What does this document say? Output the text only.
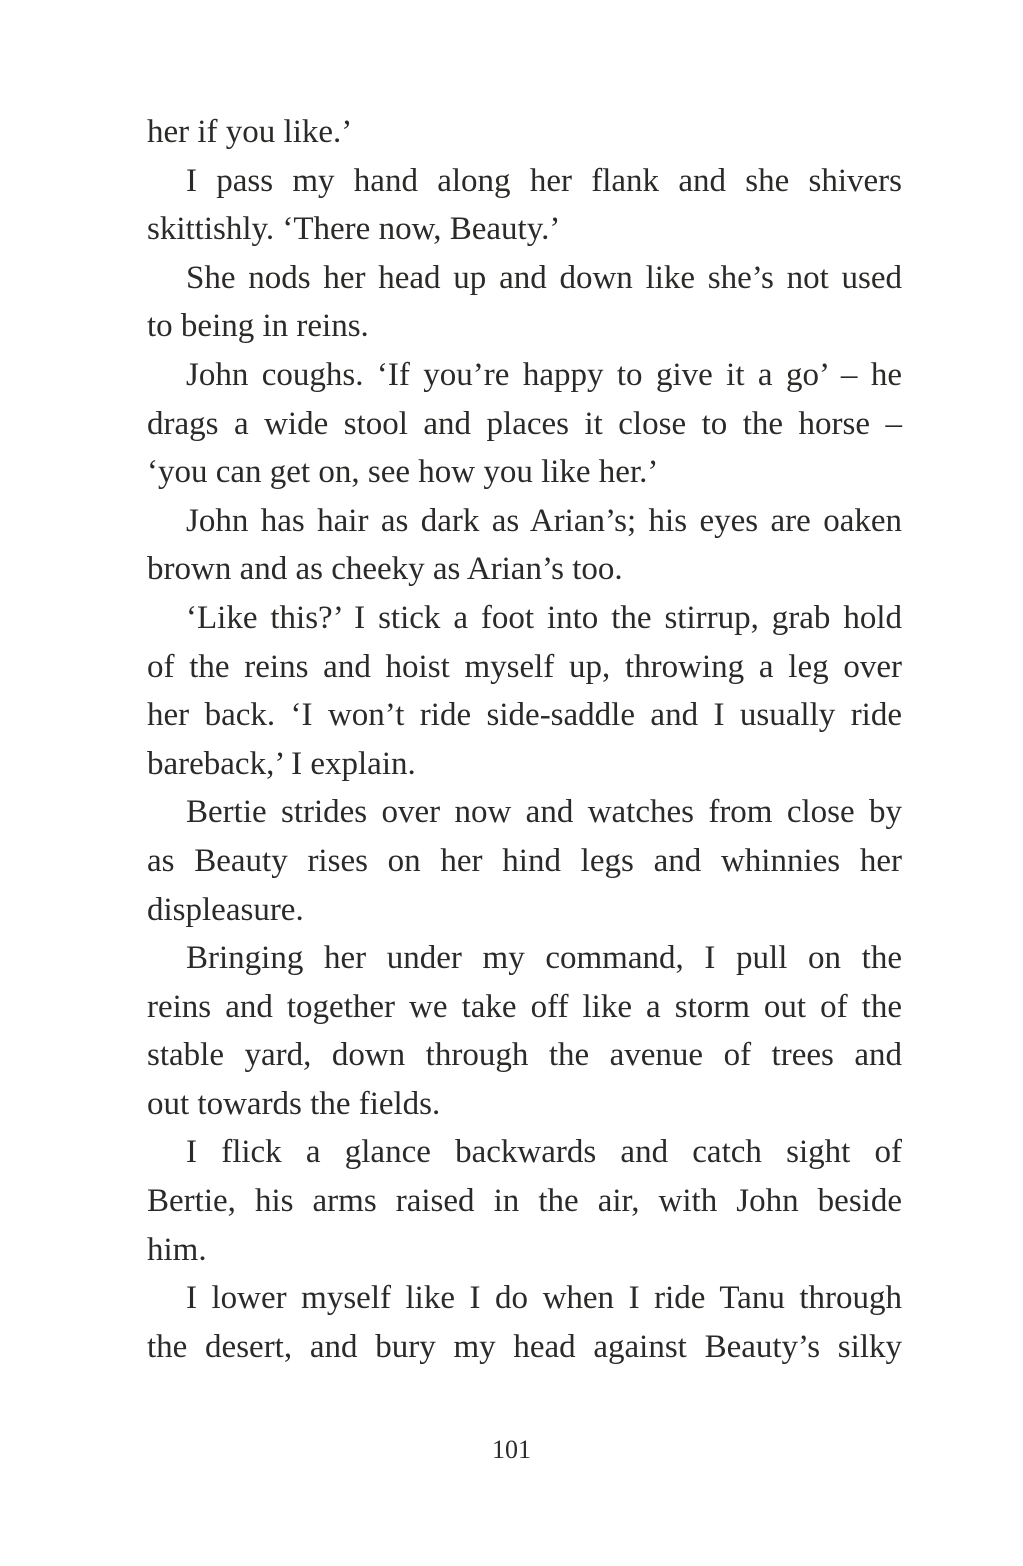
her if you like.’
I pass my hand along her flank and she shivers
skittishly. ‘There now, Beauty.’
She nods her head up and down like she’s not used
to being in reins.
John coughs. ‘If you’re happy to give it a go’ – he
drags a wide stool and places it close to the horse –
‘you can get on, see how you like her.’
John has hair as dark as Arian’s; his eyes are oaken
brown and as cheeky as Arian’s too.
‘Like this?’ I stick a foot into the stirrup, grab hold
of the reins and hoist myself up, throwing a leg over
her back. ‘I won’t ride side-saddle and I usually ride
bareback,’ I explain.
Bertie strides over now and watches from close by
as Beauty rises on her hind legs and whinnies her
displeasure.
Bringing her under my command, I pull on the
reins and together we take off like a storm out of the
stable yard, down through the avenue of trees and
out towards the fields.
I flick a glance backwards and catch sight of
Bertie, his arms raised in the air, with John beside
him.
I lower myself like I do when I ride Tanu through
the desert, and bury my head against Beauty’s silky
101
